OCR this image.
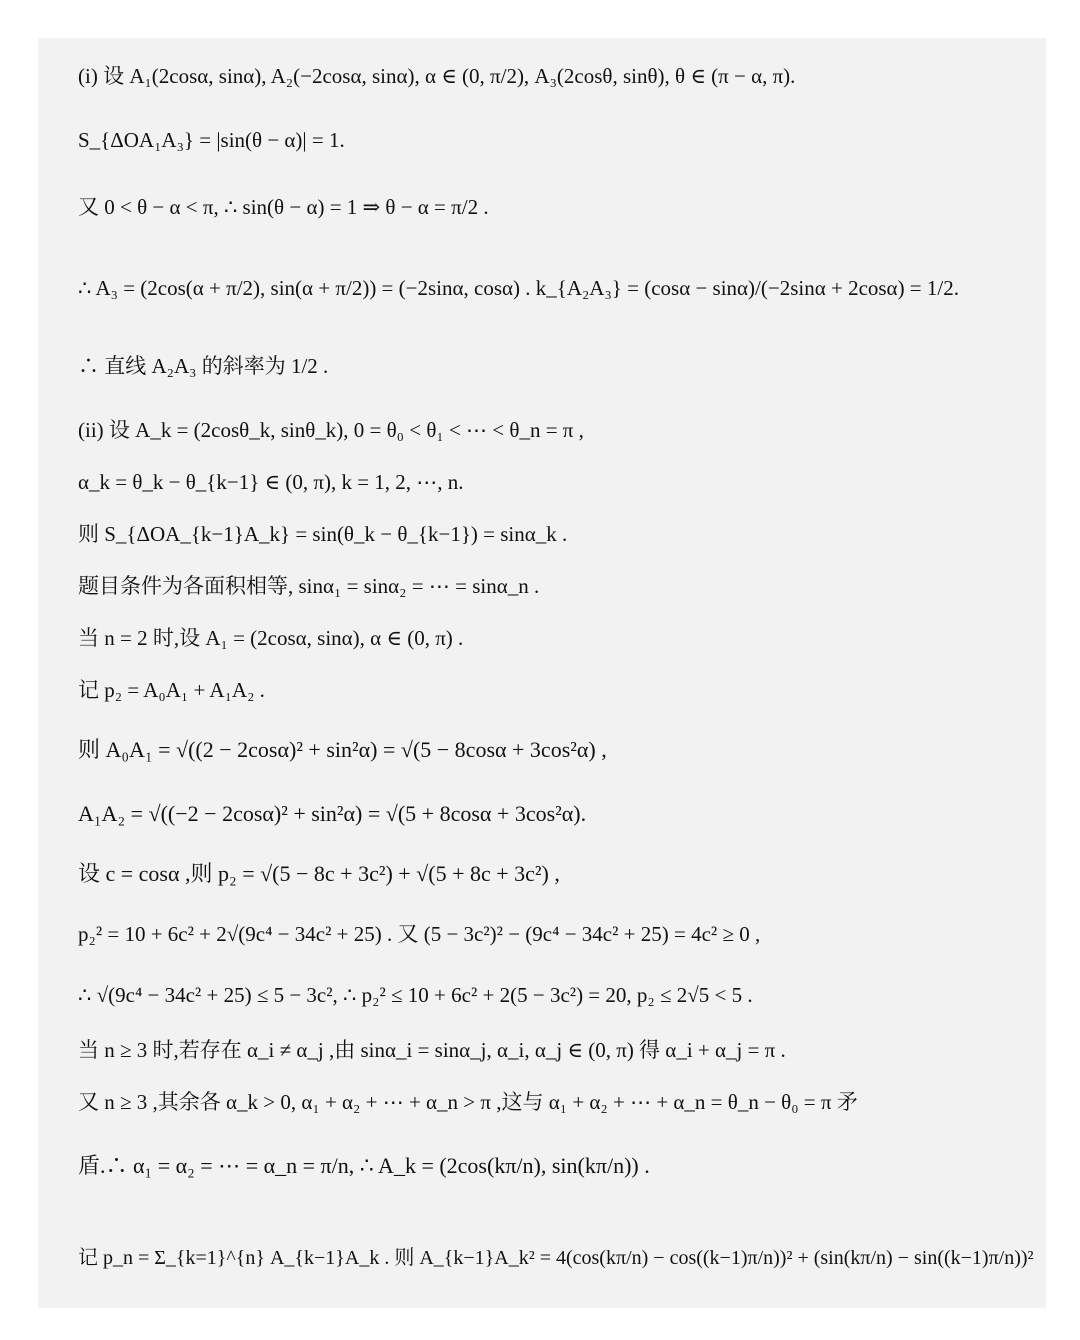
(i) 设 A₁(2cosα, sinα), A₂(−2cosα, sinα), α ∈ (0, π/2), A₃(2cosθ, sinθ), θ ∈ (π − α, π).
S_{ΔOA₁A₃} = |sin(θ − α)| = 1.
又 0 < θ − α < π, ∴ sin(θ − α) = 1 ⇒ θ − α = π/2 .
∴ A₃ = (2cos(α + π/2), sin(α + π/2)) = (−2sinα, cosα) . k_{A₂A₃} = (cosα − sinα)/(−2sinα + 2cosα) = 1/2.
∴ 直线 A₂A₃ 的斜率为 1/2 .
(ii) 设 A_k = (2cosθ_k, sinθ_k), 0 = θ₀ < θ₁ < ⋯ < θ_n = π ,
α_k = θ_k − θ_{k−1} ∈ (0, π), k = 1, 2, ⋯, n.
则 S_{ΔOA_{k−1}A_k} = sin(θ_k − θ_{k−1}) = sinα_k .
题目条件为各面积相等, sinα₁ = sinα₂ = ⋯ = sinα_n .
当 n = 2 时,设 A₁ = (2cosα, sinα), α ∈ (0, π) .
记 p₂ = A₀A₁ + A₁A₂ .
则 A₀A₁ = √((2 − 2cosα)² + sin²α) = √(5 − 8cosα + 3cos²α) ,
A₁A₂ = √((−2 − 2cosα)² + sin²α) = √(5 + 8cosα + 3cos²α).
设 c = cosα ,则 p₂ = √(5 − 8c + 3c²) + √(5 + 8c + 3c²) ,
p₂² = 10 + 6c² + 2√(9c⁴ − 34c² + 25) . 又 (5 − 3c²)² − (9c⁴ − 34c² + 25) = 4c² ≥ 0 ,
∴ √(9c⁴ − 34c² + 25) ≤ 5 − 3c², ∴ p₂² ≤ 10 + 6c² + 2(5 − 3c²) = 20, p₂ ≤ 2√5 < 5 .
当 n ≥ 3 时,若存在 α_i ≠ α_j ,由 sinα_i = sinα_j, α_i, α_j ∈ (0, π) 得 α_i + α_j = π .
又 n ≥ 3 ,其余各 α_k > 0, α₁ + α₂ + ⋯ + α_n > π ,这与 α₁ + α₂ + ⋯ + α_n = θ_n − θ₀ = π 矛
盾.∴ α₁ = α₂ = ⋯ = α_n = π/n, ∴ A_k = (2cos(kπ/n), sin(kπ/n)) .
记 p_n = Σ_{k=1}^{n} A_{k−1}A_k . 则 A_{k−1}A_k² = 4(cos(kπ/n) − cos((k−1)π/n))² + (sin(kπ/n) − sin((k−1)π/n))²
